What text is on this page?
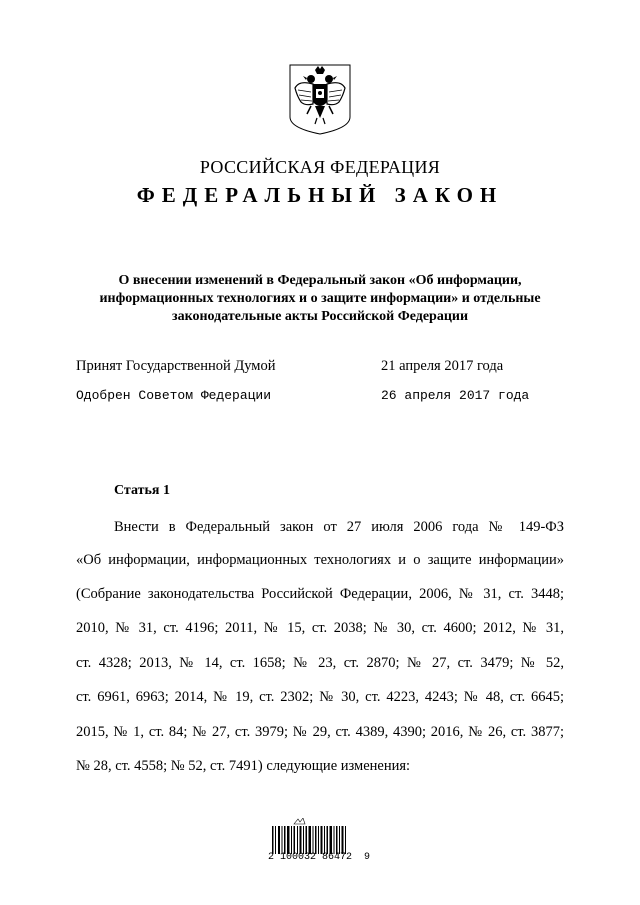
РОССИЙСКАЯ ФЕДЕРАЦИЯ
ФЕДЕРАЛЬНЫЙ ЗАКОН
О внесении изменений в Федеральный закон «Об информации,
информационных технологиях и о защите информации» и отдельные
законодательные акты Российской Федерации
Принят Государственной Думой	21 апреля 2017 года
Одобрен Советом Федерации	26 апреля 2017 года
Статья 1
Внести в Федеральный закон от 27 июля 2006 года № 149-ФЗ
«Об информации, информационных технологиях и о защите информации»
(Собрание законодательства Российской Федерации, 2006, № 31, ст. 3448;
2010, № 31, ст. 4196; 2011, № 15, ст. 2038; № 30, ст. 4600; 2012, № 31,
ст. 4328; 2013, № 14, ст. 1658; № 23, ст. 2870; № 27, ст. 3479; № 52,
ст. 6961, 6963; 2014, № 19, ст. 2302; № 30, ст. 4223, 4243; № 48, ст. 6645;
2015, № 1, ст. 84; № 27, ст. 3979; № 29, ст. 4389, 4390; 2016, № 26, ст. 3877;
№ 28, ст. 4558; № 52, ст. 7491) следующие изменения:
2 100032 86472  9
